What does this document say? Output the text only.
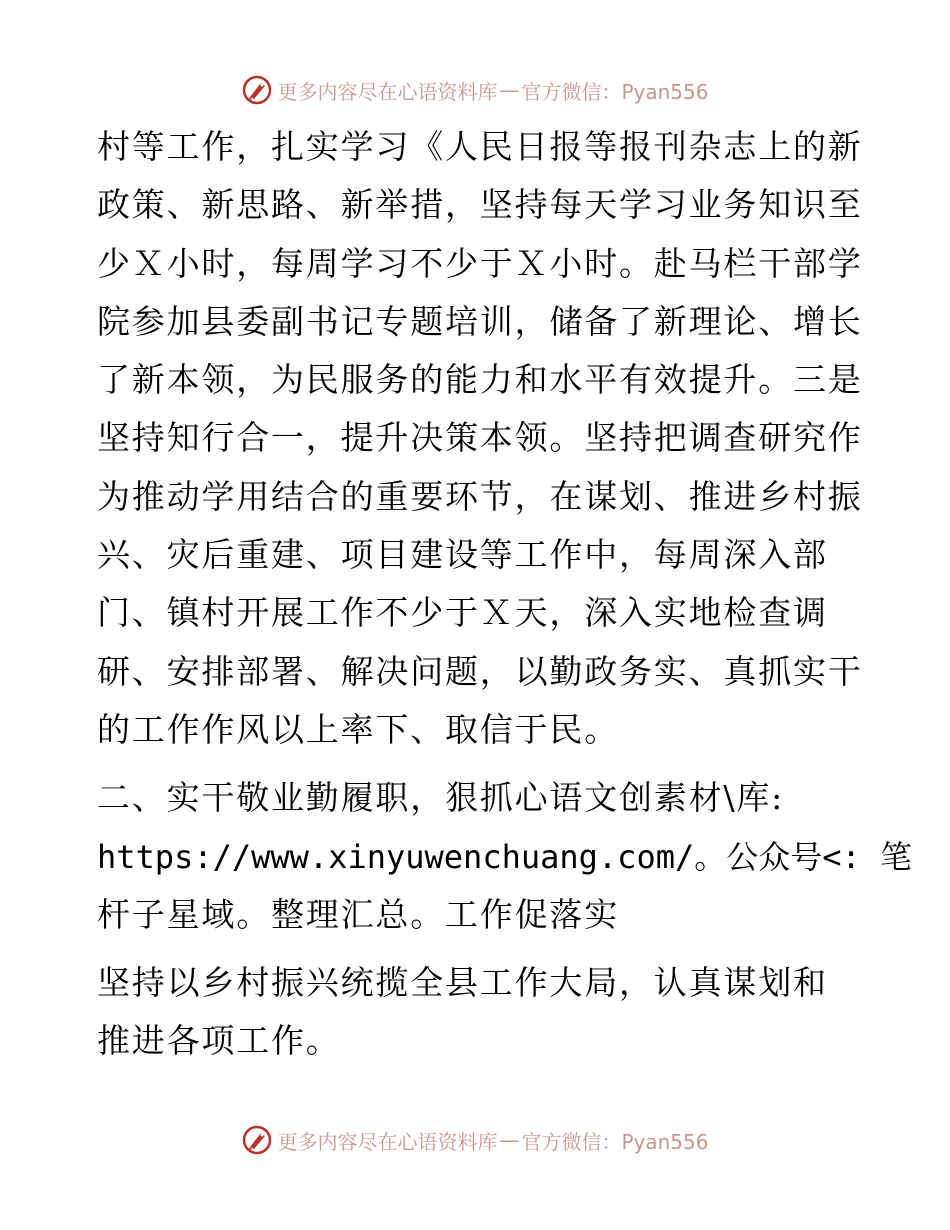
更多内容尽在心语资料库 — 官方微信：Pyan556
村等工作，扎实学习《人民日报等报刊杂志上的新
政策、新思路、新举措，坚持每天学习业务知识至
少Ｘ小时，每周学习不少于Ｘ小时。赴马栏干部学
院参加县委副书记专题培训，储备了新理论、增长
了新本领，为民服务的能力和水平有效提升。三是
坚持知行合一，提升决策本领。坚持把调查研究作
为推动学用结合的重要环节，在谋划、推进乡村振
兴、灾后重建、项目建设等工作中，每周深入部
门、镇村开展工作不少于Ｘ天，深入实地检查调
研、安排部署、解决问题，以勤政务实、真抓实干
的工作作风以上率下、取信于民。
二、实干敬业勤履职，狠抓心语文创素材\库:
https://www.xinyuwenchuang.com/。公众号<: 笔
杆子星域。整理汇总。工作促落实
坚持以乡村振兴统揽全县工作大局，认真谋划和
推进各项工作。
更多内容尽在心语资料库 — 官方微信：Pyan556
